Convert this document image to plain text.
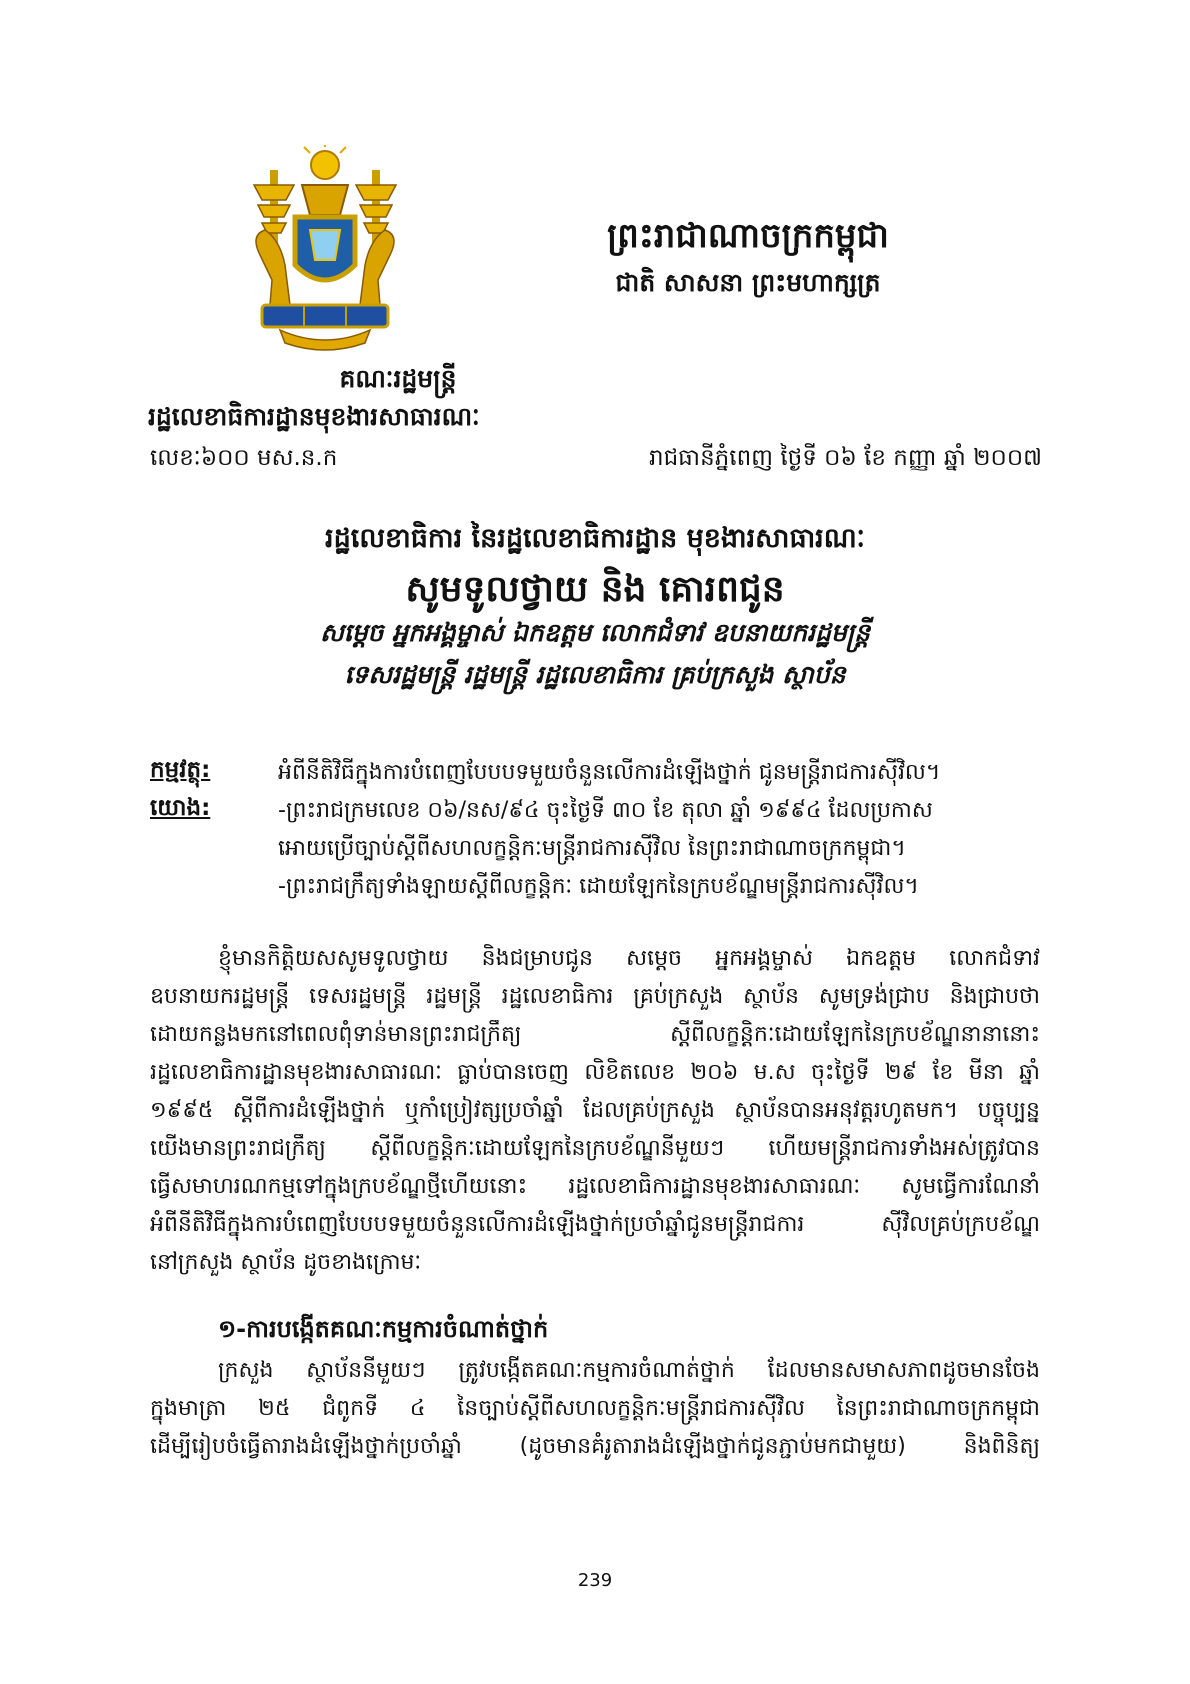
ព្រះរាជាណាចក្រកម្ពុជា
ជាតិ សាសនា ព្រះមហាក្សត្រ
គណៈរដ្ឋមន្ត្រី
រដ្ឋលេខាធិការដ្ឋានមុខងារសាធារណៈ
លេខៈ៦០០ មស.ន.ក	រាជធានីភ្នំពេញ ថ្ងៃទី ០៦ ខែ កញ្ញា ឆ្នាំ ២០០៧
រដ្ឋលេខាធិការ នៃរដ្ឋលេខាធិការដ្ឋាន មុខងារសាធារណៈ
សូមទូលថ្វាយ និង គោរពជូន
សម្តេច អ្នកអង្គម្ចាស់ ឯកឧត្តម លោកជំទាវ ឧបនាយករដ្ឋមន្ត្រី
ទេសរដ្ឋមន្ត្រី រដ្ឋមន្ត្រី រដ្ឋលេខាធិការ គ្រប់ក្រសួង ស្ថាប័ន
កម្មវត្ថុ:	អំពីនីតិវិធីក្នុងការបំពេញបែបបទមួយចំនួនលើការដំឡើងថ្នាក់ ជូនមន្ត្រីរាជការស៊ីវិល។
យោង:	-ព្រះរាជក្រមលេខ ០៦/នស/៩៤ ចុះថ្ងៃទី ៣០ ខែ តុលា ឆ្នាំ ១៩៩៤ ដែលប្រកាស
អោយប្រើច្បាប់ស្តីពីសហលក្ខន្តិកៈមន្ត្រីរាជការស៊ីវិល នៃព្រះរាជាណាចក្រកម្ពុជា។
-ព្រះរាជក្រឹត្យទាំងឡាយស្តីពីលក្ខន្តិកៈ ដោយឡែកនៃក្របខ័ណ្ឌមន្ត្រីរាជការស៊ីវិល។
ខ្ញុំមានកិត្តិយសសូមទូលថ្វាយ និងជម្រាបជូន សម្តេច អ្នកអង្គម្ចាស់ ឯកឧត្តម លោកជំទាវ
ឧបនាយករដ្ឋមន្ត្រី ទេសរដ្ឋមន្ត្រី រដ្ឋមន្ត្រី រដ្ឋលេខាធិការ គ្រប់ក្រសួង ស្ថាប័ន សូមទ្រង់ជ្រាប និងជ្រាបថា
ដោយកន្លងមកនៅពេលពុំទាន់មានព្រះរាជក្រឹត្យ ស្តីពីលក្ខន្តិកៈដោយឡែកនៃក្របខ័ណ្ឌនានានោះ
រដ្ឋលេខាធិការដ្ឋានមុខងារសាធារណៈ ធ្លាប់បានចេញ លិខិតលេខ ២០៦ ម.ស ចុះថ្ងៃទី ២៩ ខែ មីនា ឆ្នាំ
១៩៩៥ ស្តីពីការដំឡើងថ្នាក់ ឬកាំប្រៀវត្សប្រចាំឆ្នាំ ដែលគ្រប់ក្រសួង ស្ថាប័នបានអនុវត្តរហូតមក។ បច្ចុប្បន្ន
យើងមានព្រះរាជក្រឹត្យ ស្តីពីលក្ខន្តិកៈដោយឡែកនៃក្របខ័ណ្ឌនីមួយៗ ហើយមន្ត្រីរាជការទាំងអស់ត្រូវបាន
ធ្វើសមាហរណកម្មទៅក្នុងក្របខ័ណ្ឌថ្មីហើយនោះ រដ្ឋលេខាធិការដ្ឋានមុខងារសាធារណៈ សូមធ្វើការណែនាំ
អំពីនីតិវិធីក្នុងការបំពេញបែបបទមួយចំនួនលើការដំឡើងថ្នាក់ប្រចាំឆ្នាំជូនមន្ត្រីរាជការ ស៊ីវិលគ្រប់ក្របខ័ណ្ឌ
នៅក្រសួង ស្ថាប័ន ដូចខាងក្រោមៈ
១-ការបង្កើតគណៈកម្មការចំណាត់ថ្នាក់
ក្រសួង ស្ថាប័ននីមួយៗ ត្រូវបង្កើតគណៈកម្មការចំណាត់ថ្នាក់ ដែលមានសមាសភាពដូចមានចែង
ក្នុងមាត្រា ២៥ ជំពូកទី ៤ នៃច្បាប់ស្តីពីសហលក្ខន្តិកៈមន្ត្រីរាជការស៊ីវិល នៃព្រះរាជាណាចក្រកម្ពុជា
ដើម្បីរៀបចំធ្វើតារាងដំឡើងថ្នាក់ប្រចាំឆ្នាំ (ដូចមានគំរូតារាងដំឡើងថ្នាក់ជូនភ្ជាប់មកជាមួយ) និងពិនិត្យ
239
